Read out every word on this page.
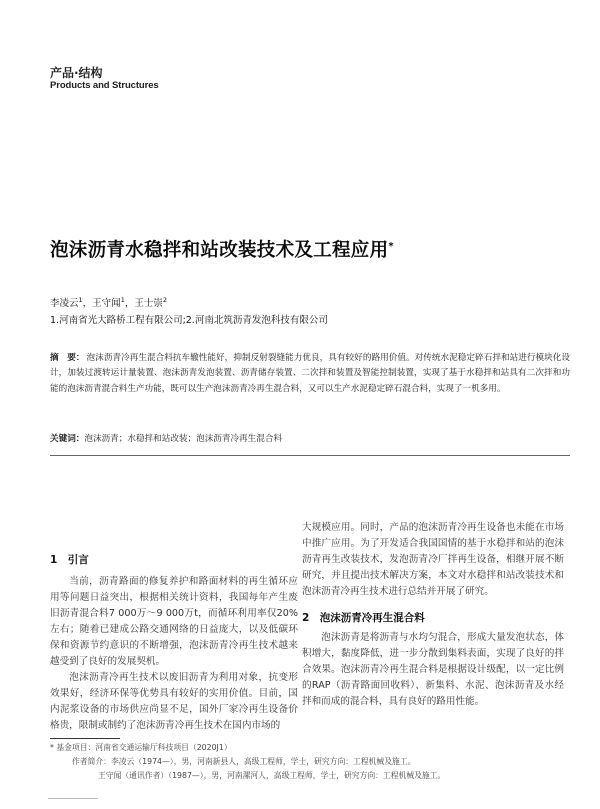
产品·结构
Products and Structures
泡沫沥青水稳拌和站改装技术及工程应用*
李凌云$^1$，王守闻$^1$，王士崇$^2$
1.河南省光大路桥工程有限公司;2.河南北筑沥青发泡科技有限公司
摘　要： 泡沫沥青冷再生混合料抗车辙性能好，抑制反射裂缝能力优良，具有较好的路用价值。对传统水泥稳定碎石拌和站进行模块化设计，加装过渡转运计量装置、泡沫沥青发泡装置、沥青储存装置、二次拌和装置及智能控制装置，实现了基于水稳拌和站具有二次拌和功能的泡沫沥青混合料生产功能，既可以生产泡沫沥青冷再生混合料，又可以生产水泥稳定碎石混合料，实现了一机多用。
关键词：泡沫沥青；水稳拌和站改装；泡沫沥青冷再生混合料
1　引言

当前，沥青路面的修复养护和路面材料的再生循环应用等问题日益突出，根据相关统计资料，我国每年产生废旧沥青混合料7 000万～9 000万t，而循环利用率仅20%左右；随着已建成公路交通网络的日益庞大，以及低碳环保和资源节约意识的不断增强，泡沫沥青冷再生技术越来越受到了良好的发展契机。

泡沫沥青冷再生技术以废旧沥青为利用对象，抗变形效果好，经济环保等优势具有较好的实用价值。目前，国内泥浆设备的市场供应尚显不足，国外厂家冷再生设备价格贵，限制或制约了泡沫沥青冷再生技术在国内市场的

大规模应用。同时，产品的泡沫沥青冷再生设备也未能在市场中推广应用。为了开发适合我国国情的基于水稳拌和站的泡沫沥青再生改装技术，发泡沥青冷厂拌再生设备，相继开展不断研究，并且提出技术解决方案，本文对水稳拌和站改装技术和泡沫沥青冷再生技术进行总结并开展了研究。

2　泡沫沥青冷再生混合料

泡沫沥青是将沥青与水均匀混合，形成大量发泡状态，体积增大，黏度降低，进一步分散到集料表面，实现了良好的拌合效果。泡沫沥青冷再生混合料是根据设计级配，以一定比例的RAP（沥青路面回收料）、新集料、水泥、泡沫沥青及水经拌和而成的混合料，具有良好的路用性能。

* 基金项目：河南省交通运输厅科技项目（2020J1）
作者简介：李凌云（1974—），男，河南新县人，高级工程师，学士，研究方向：工程机械及施工。
王守闻（通讯作者）（1987—），男，河南漯河人，高级工程师，学士，研究方向：工程机械及施工。
